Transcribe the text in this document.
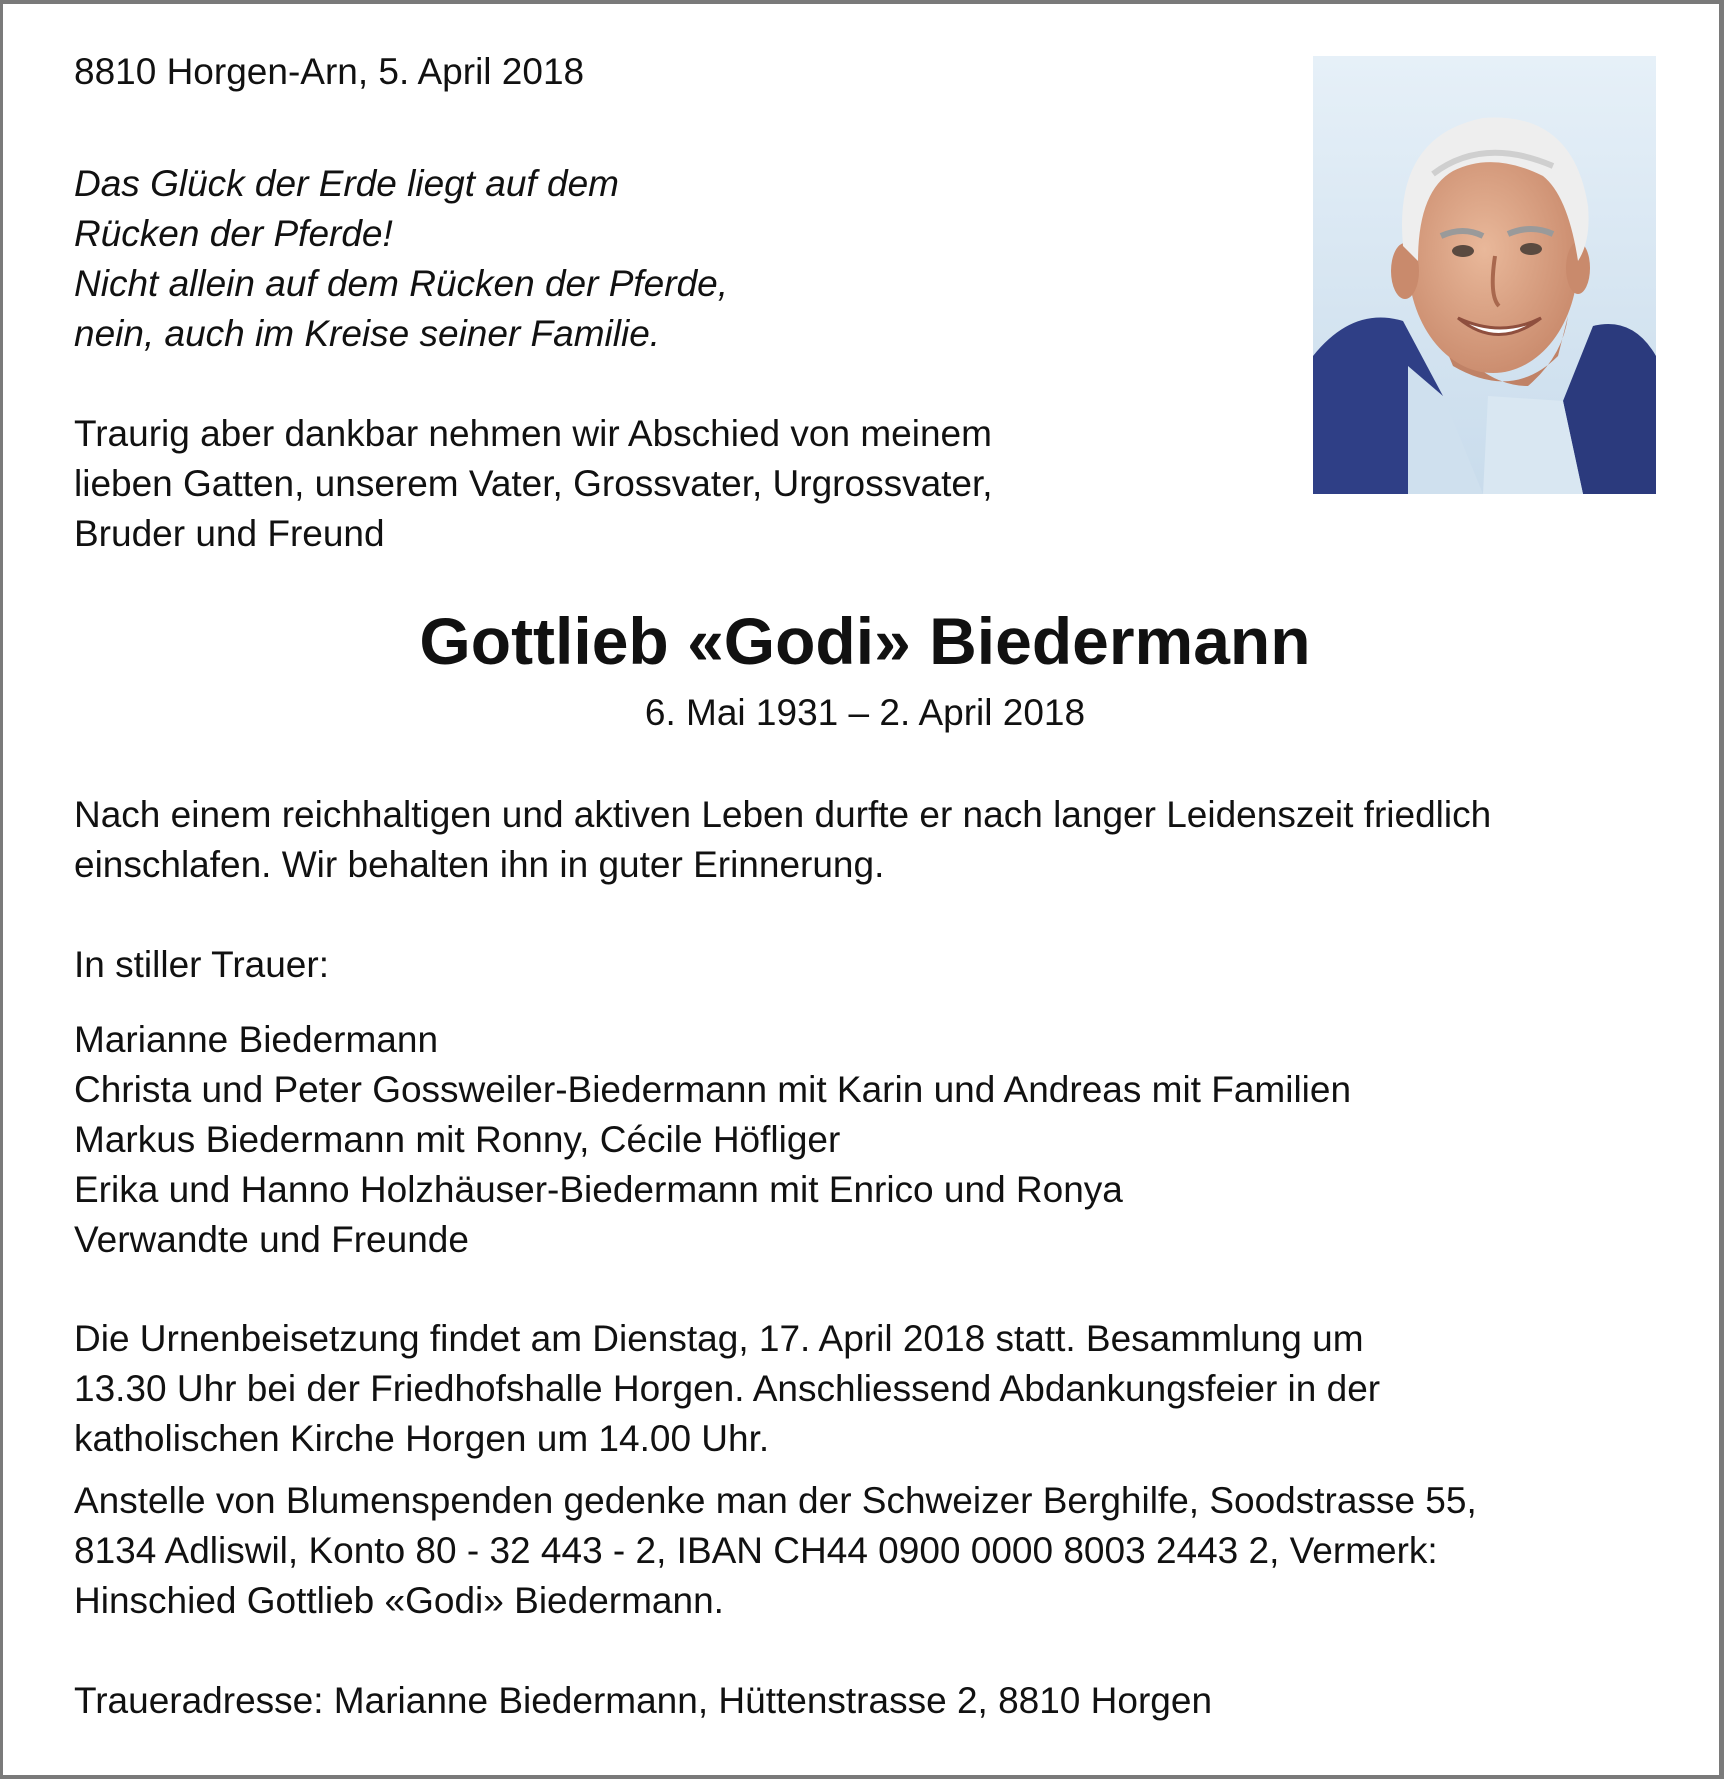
8810 Horgen-Arn, 5. April 2018

Das Glück der Erde liegt auf dem
Rücken der Pferde!
Nicht allein auf dem Rücken der Pferde,
nein, auch im Kreise seiner Familie.

Traurig aber dankbar nehmen wir Abschied von meinem
lieben Gatten, unserem Vater, Grossvater, Urgrossvater,
Bruder und Freund

Gottlieb «Godi» Biedermann

6. Mai 1931 – 2. April 2018

Nach einem reichhaltigen und aktiven Leben durfte er nach langer Leidenszeit friedlich
einschlafen. Wir behalten ihn in guter Erinnerung.

In stiller Trauer:

Marianne Biedermann
Christa und Peter Gossweiler-Biedermann mit Karin und Andreas mit Familien
Markus Biedermann mit Ronny, Cécile Höfliger
Erika und Hanno Holzhäuser-Biedermann mit Enrico und Ronya
Verwandte und Freunde

Die Urnenbeisetzung findet am Dienstag, 17. April 2018 statt. Besammlung um
13.30 Uhr bei der Friedhofshalle Horgen. Anschliessend Abdankungsfeier in der
katholischen Kirche Horgen um 14.00 Uhr.

Anstelle von Blumenspenden gedenke man der Schweizer Berghilfe, Soodstrasse 55,
8134 Adliswil, Konto 80 - 32 443 - 2, IBAN CH44 0900 0000 8003 2443 2, Vermerk:
Hinschied Gottlieb «Godi» Biedermann.

Traueradresse: Marianne Biedermann, Hüttenstrasse 2, 8810 Horgen
